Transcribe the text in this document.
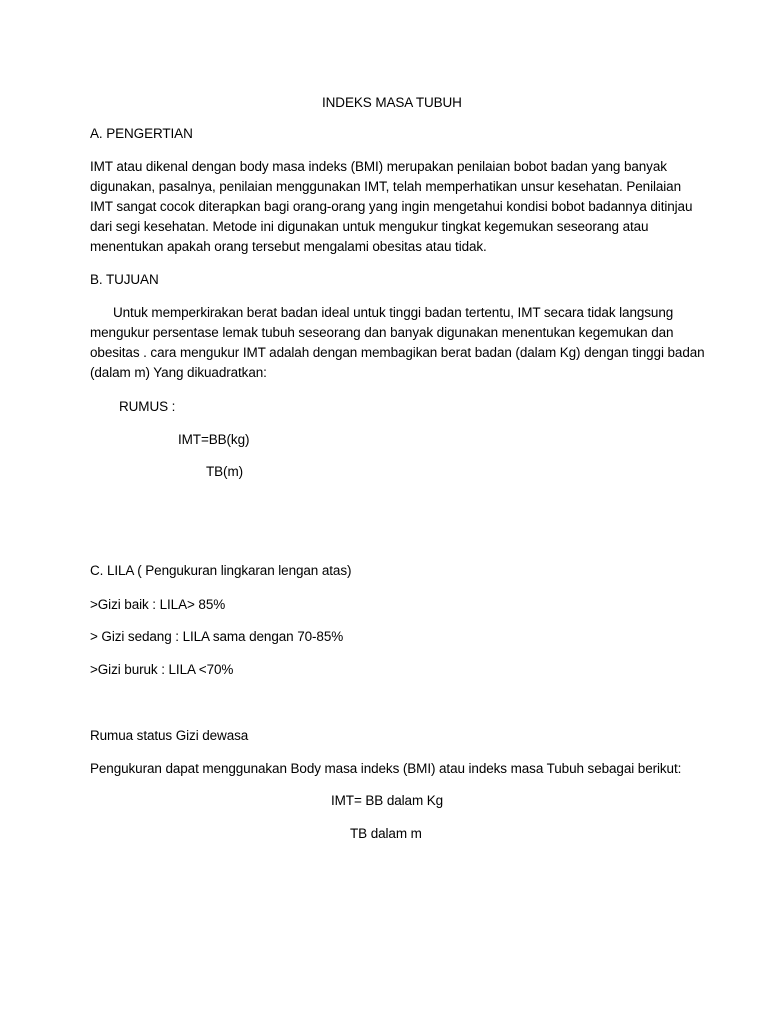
INDEKS MASA TUBUH
A. PENGERTIAN
IMT atau dikenal dengan body masa indeks (BMI) merupakan penilaian bobot badan yang banyak
digunakan, pasalnya, penilaian menggunakan IMT, telah memperhatikan unsur kesehatan. Penilaian
IMT sangat cocok diterapkan bagi orang-orang yang ingin mengetahui kondisi bobot badannya ditinjau
dari segi kesehatan. Metode ini digunakan untuk mengukur tingkat kegemukan seseorang atau
menentukan apakah orang tersebut mengalami obesitas atau tidak.
B. TUJUAN
Untuk memperkirakan berat badan ideal untuk tinggi badan tertentu, IMT secara tidak langsung
mengukur persentase lemak tubuh seseorang dan banyak digunakan menentukan kegemukan dan
obesitas . cara mengukur IMT adalah dengan membagikan berat badan (dalam Kg) dengan tinggi badan
(dalam m) Yang dikuadratkan:
RUMUS :
IMT=BB(kg)
TB(m)
C. LILA ( Pengukuran lingkaran lengan atas)
>Gizi baik : LILA> 85%
> Gizi sedang : LILA sama dengan 70-85%
>Gizi buruk : LILA <70%
Rumua status Gizi dewasa
Pengukuran dapat menggunakan Body masa indeks (BMI) atau indeks masa Tubuh sebagai berikut:
IMT= BB dalam Kg
TB dalam m
